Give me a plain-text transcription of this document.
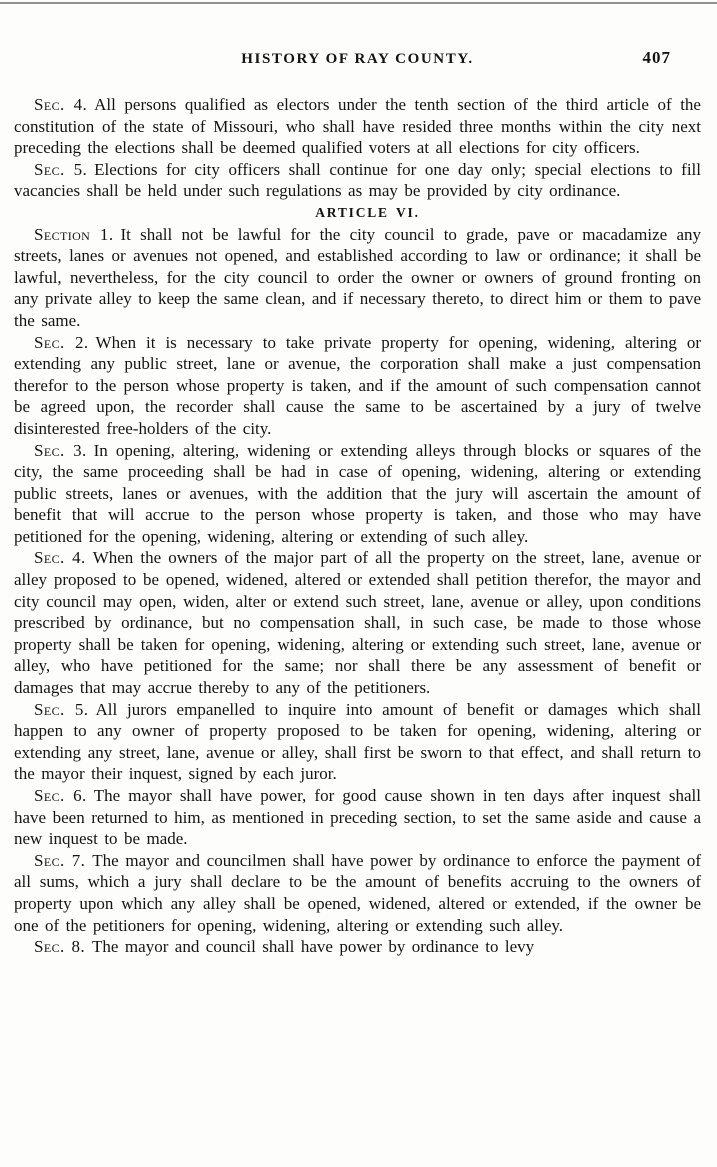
HISTORY OF RAY COUNTY.	407

Sec. 4. All persons qualified as electors under the tenth section of the third article of the constitution of the state of Missouri, who shall have resided three months within the city next preceding the elections shall be deemed qualified voters at all elections for city officers.

Sec. 5. Elections for city officers shall continue for one day only; special elections to fill vacancies shall be held under such regulations as may be provided by city ordinance.

ARTICLE VI.

Section 1. It shall not be lawful for the city council to grade, pave or macadamize any streets, lanes or avenues not opened, and established according to law or ordinance; it shall be lawful, nevertheless, for the city council to order the owner or owners of ground fronting on any private alley to keep the same clean, and if necessary thereto, to direct him or them to pave the same.

Sec. 2. When it is necessary to take private property for opening, widening, altering or extending any public street, lane or avenue, the corporation shall make a just compensation therefor to the person whose property is taken, and if the amount of such compensation cannot be agreed upon, the recorder shall cause the same to be ascertained by a jury of twelve disinterested free-holders of the city.

Sec. 3. In opening, altering, widening or extending alleys through blocks or squares of the city, the same proceeding shall be had in case of opening, widening, altering or extending public streets, lanes or avenues, with the addition that the jury will ascertain the amount of benefit that will accrue to the person whose property is taken, and those who may have petitioned for the opening, widening, altering or extending of such alley.

Sec. 4. When the owners of the major part of all the property on the street, lane, avenue or alley proposed to be opened, widened, altered or extended shall petition therefor, the mayor and city council may open, widen, alter or extend such street, lane, avenue or alley, upon conditions prescribed by ordinance, but no compensation shall, in such case, be made to those whose property shall be taken for opening, widening, altering or extending such street, lane, avenue or alley, who have petitioned for the same; nor shall there be any assessment of benefit or damages that may accrue thereby to any of the petitioners.

Sec. 5. All jurors empanelled to inquire into amount of benefit or damages which shall happen to any owner of property proposed to be taken for opening, widening, altering or extending any street, lane, avenue or alley, shall first be sworn to that effect, and shall return to the mayor their inquest, signed by each juror.

Sec. 6. The mayor shall have power, for good cause shown in ten days after inquest shall have been returned to him, as mentioned in preceding section, to set the same aside and cause a new inquest to be made.

Sec. 7. The mayor and councilmen shall have power by ordinance to enforce the payment of all sums, which a jury shall declare to be the amount of benefits accruing to the owners of property upon which any alley shall be opened, widened, altered or extended, if the owner be one of the petitioners for opening, widening, altering or extending such alley.

Sec. 8. The mayor and council shall have power by ordinance to levy
